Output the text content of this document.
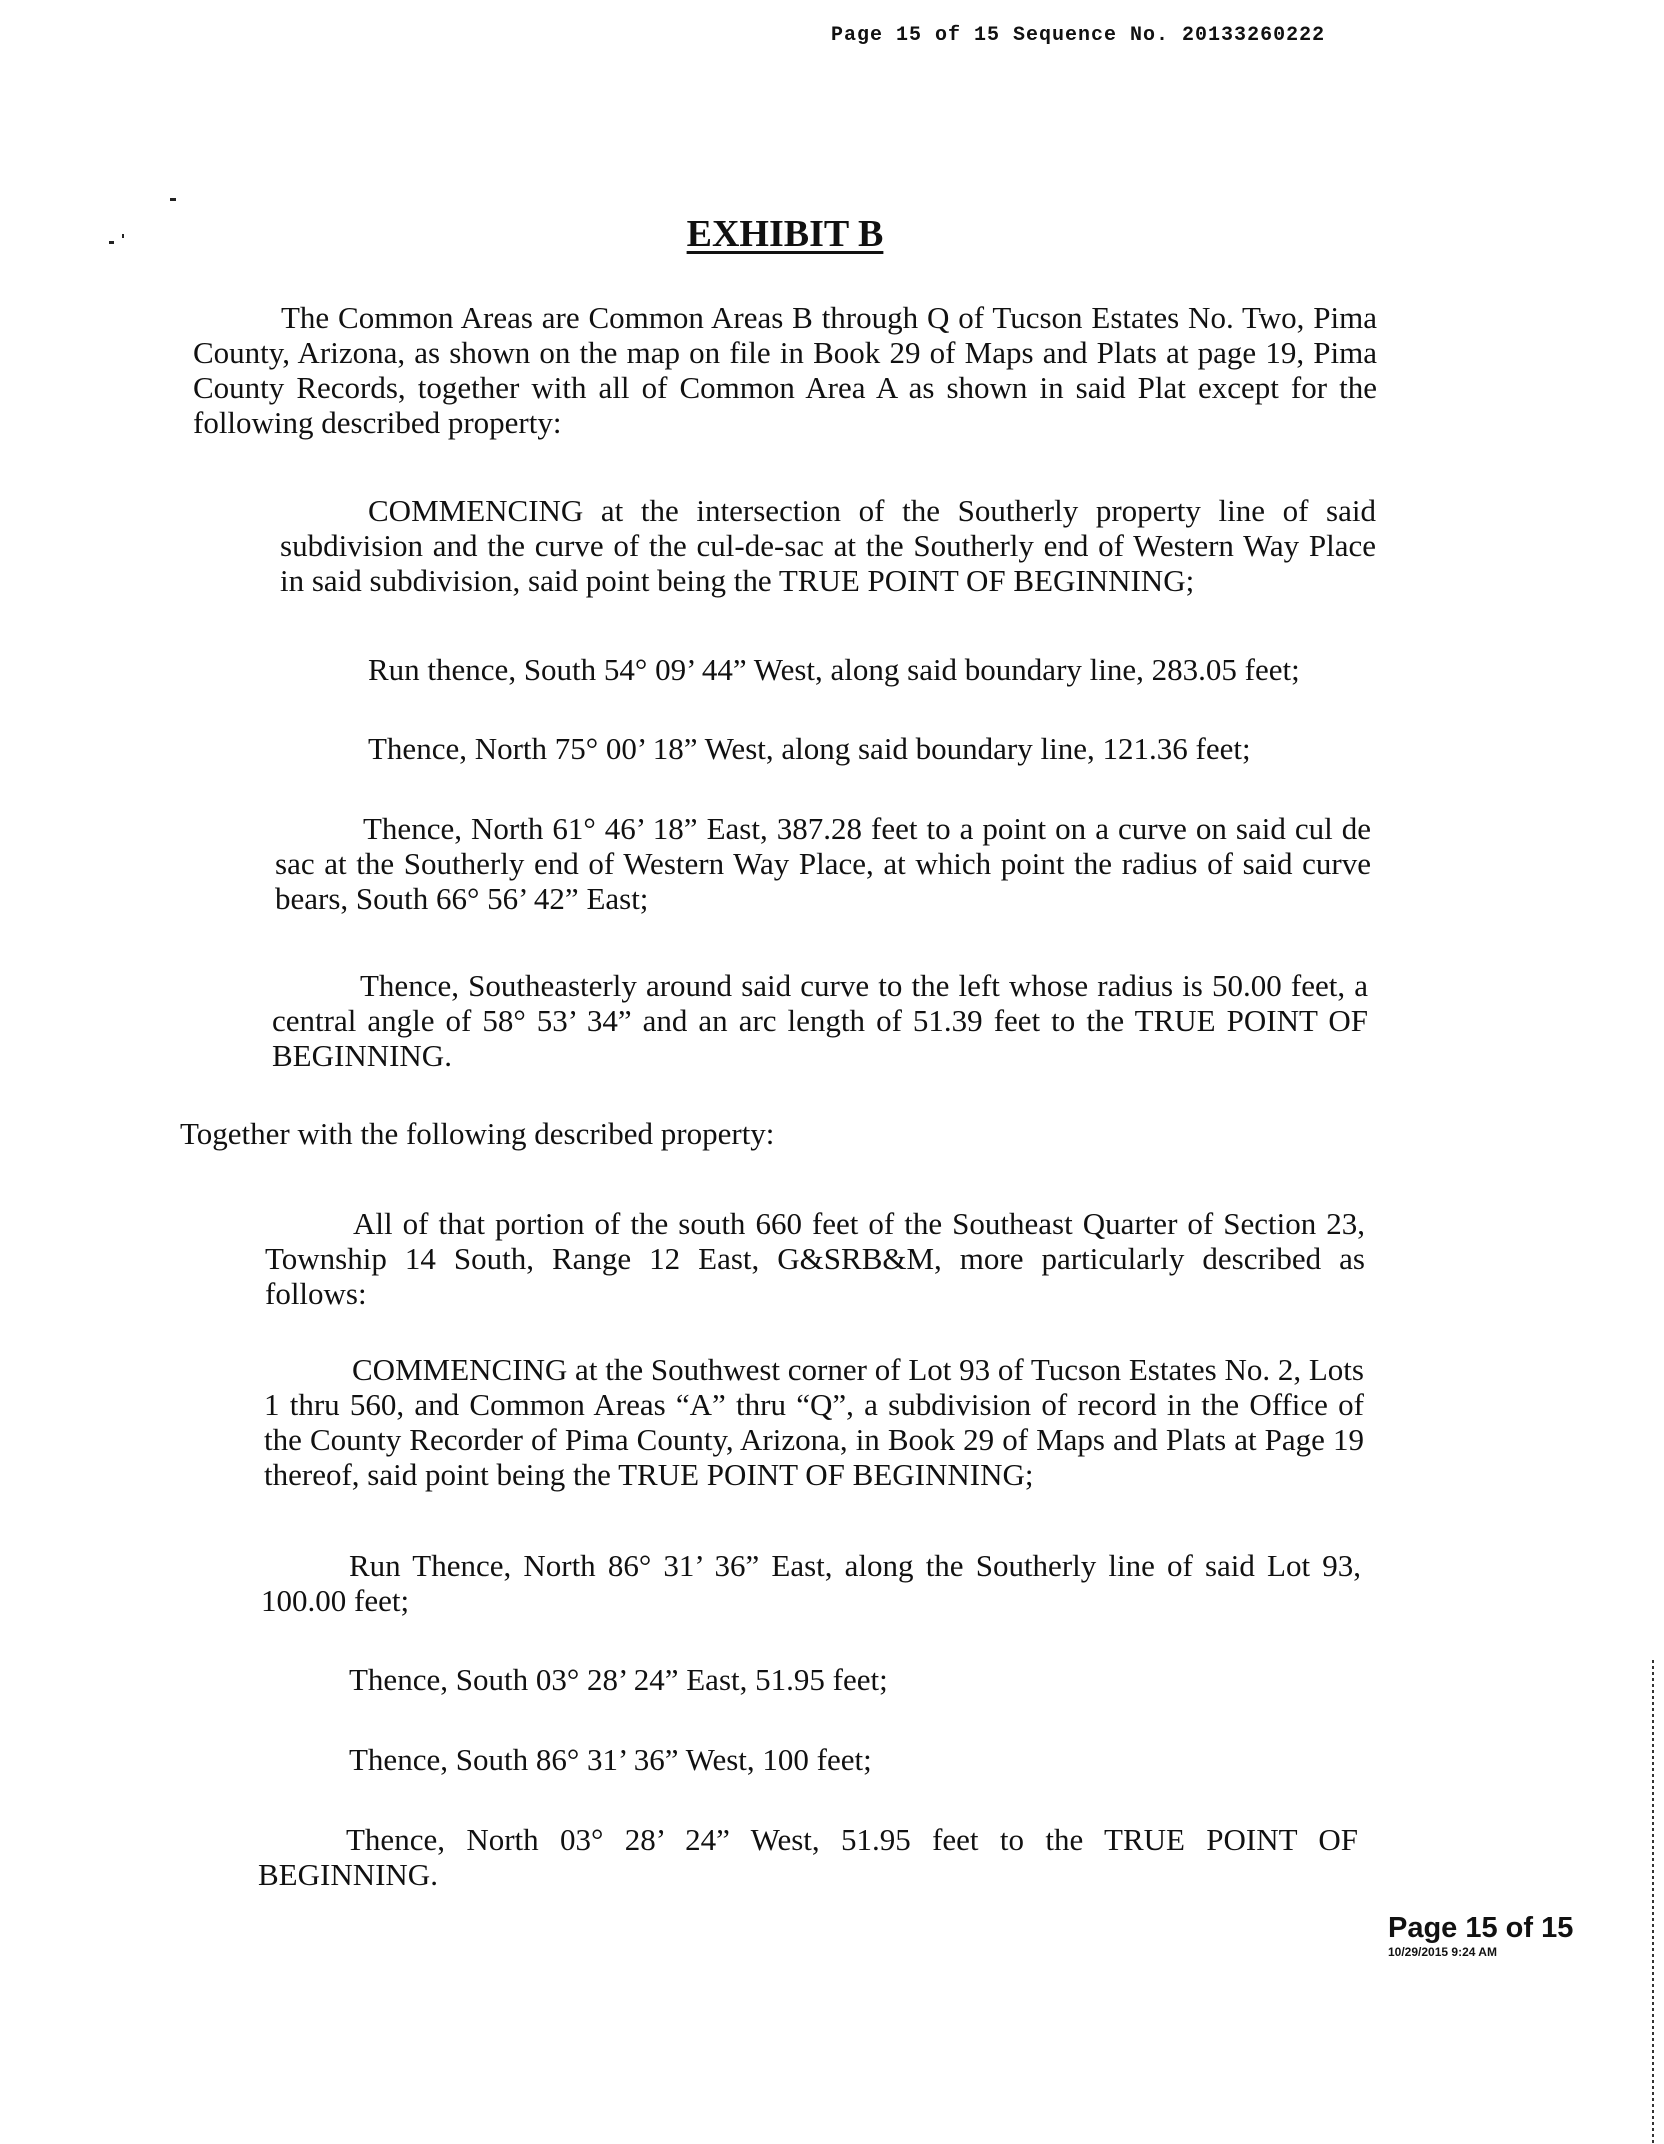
Page 15 of 15 Sequence No. 20133260222
EXHIBIT B

The Common Areas are Common Areas B through Q of Tucson Estates No. Two, Pima County, Arizona, as shown on the map on file in Book 29 of Maps and Plats at page 19, Pima County Records, together with all of Common Area A as shown in said Plat except for the following described property:

COMMENCING at the intersection of the Southerly property line of said subdivision and the curve of the cul-de-sac at the Southerly end of Western Way Place in said subdivision, said point being the TRUE POINT OF BEGINNING;

Run thence, South 54° 09’ 44” West, along said boundary line, 283.05 feet;

Thence, North 75° 00’ 18” West, along said boundary line, 121.36 feet;

Thence, North 61° 46’ 18” East, 387.28 feet to a point on a curve on said cul de sac at the Southerly end of Western Way Place, at which point the radius of said curve bears, South 66° 56’ 42” East;

Thence, Southeasterly around said curve to the left whose radius is 50.00 feet, a central angle of 58° 53’ 34” and an arc length of 51.39 feet to the TRUE POINT OF BEGINNING.

Together with the following described property:

All of that portion of the south 660 feet of the Southeast Quarter of Section 23, Township 14 South, Range 12 East, G&SRB&M, more particularly described as follows:

COMMENCING at the Southwest corner of Lot 93 of Tucson Estates No. 2, Lots 1 thru 560, and Common Areas “A” thru “Q”, a subdivision of record in the Office of the County Recorder of Pima County, Arizona, in Book 29 of Maps and Plats at Page 19 thereof, said point being the TRUE POINT OF BEGINNING;

Run Thence, North 86° 31’ 36” East, along the Southerly line of said Lot 93, 100.00 feet;

Thence, South 03° 28’ 24” East, 51.95 feet;

Thence, South 86° 31’ 36” West, 100 feet;

Thence, North 03° 28’ 24” West, 51.95 feet to the TRUE POINT OF BEGINNING.

Page 15 of 15
10/29/2015 9:24 AM
